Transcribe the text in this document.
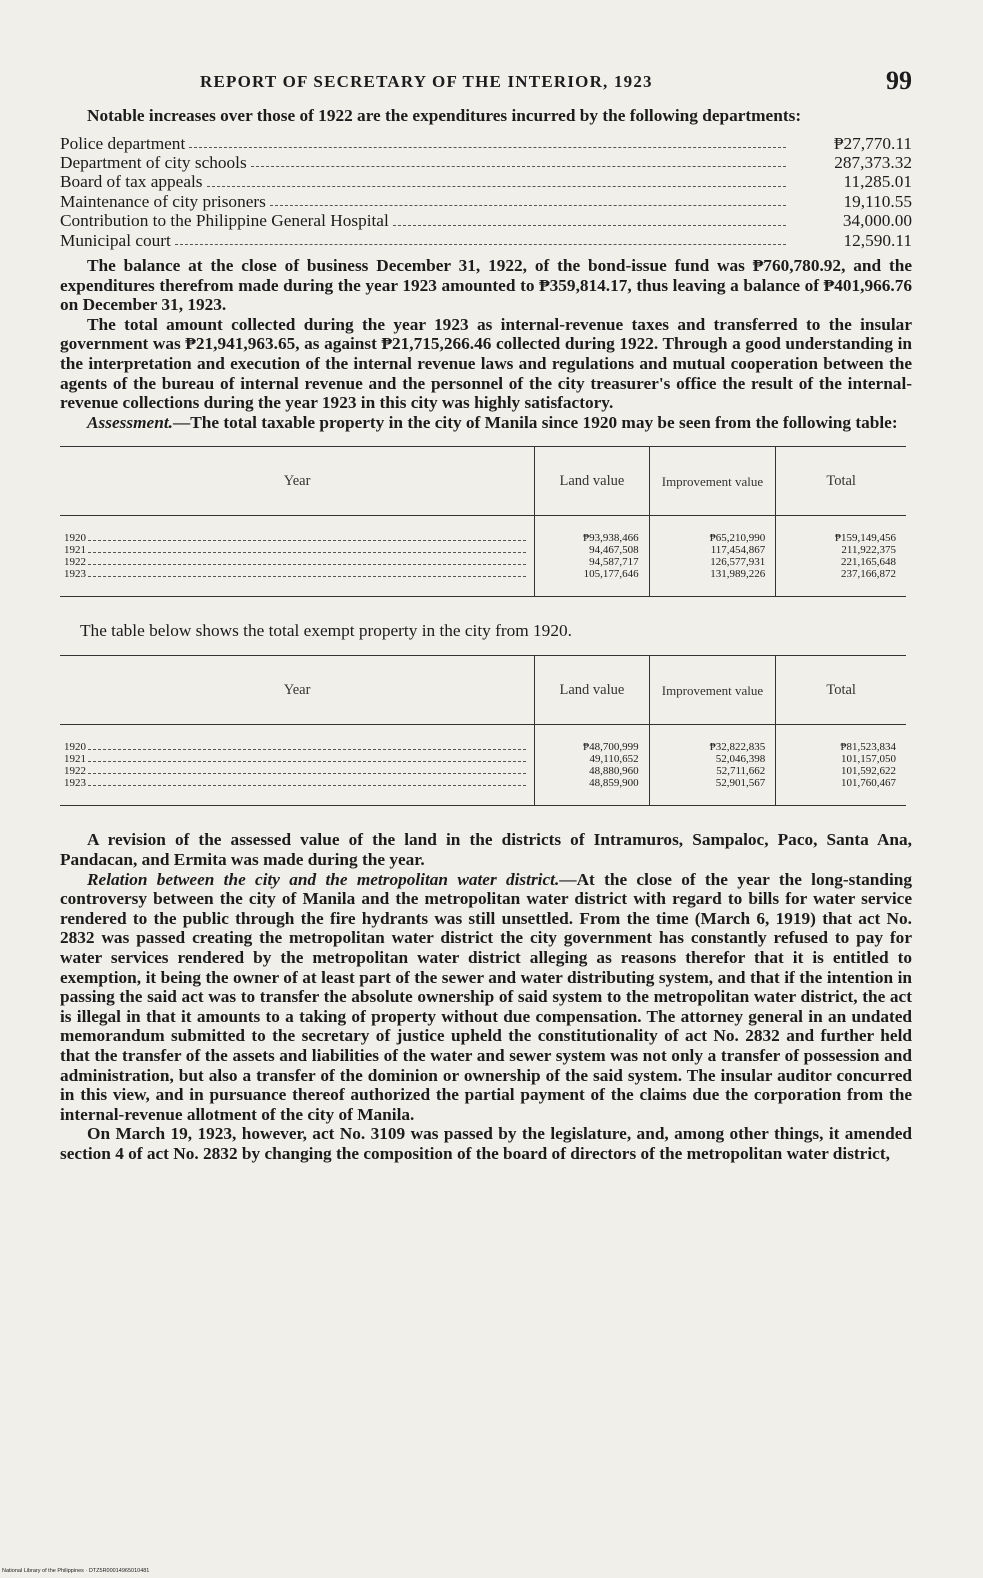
REPORT OF SECRETARY OF THE INTERIOR, 1923	99

Notable increases over those of 1922 are the expenditures incurred by the following departments:

Police department	₱27,770.11
Department of city schools	287,373.32
Board of tax appeals	11,285.01
Maintenance of city prisoners	19,110.55
Contribution to the Philippine General Hospital	34,000.00
Municipal court	12,590.11

The balance at the close of business December 31, 1922, of the bond-issue fund was ₱760,780.92, and the expenditures therefrom made during the year 1923 amounted to ₱359,814.17, thus leaving a balance of ₱401,966.76 on December 31, 1923.

The total amount collected during the year 1923 as internal-revenue taxes and transferred to the insular government was ₱21,941,963.65, as against ₱21,715,266.46 collected during 1922. Through a good understanding in the interpretation and execution of the internal revenue laws and regulations and mutual cooperation between the agents of the bureau of internal revenue and the personnel of the city treasurer's office the result of the internal-revenue collections during the year 1923 in this city was highly satisfactory.

Assessment.—The total taxable property in the city of Manila since 1920 may be seen from the following table:

Year	Land value	Improvement value	Total

1920	₱93,938,466	₱65,210,990	₱159,149,456

1921	94,467,508	117,454,867	211,922,375

1922	94,587,717	126,577,931	221,165,648

1923	105,177,646	131,989,226	237,166,872
The table below shows the total exempt property in the city from 1920.
Year	Land value	Improvement value	Total

1920	₱48,700,999	₱32,822,835	₱81,523,834

1921	49,110,652	52,046,398	101,157,050

1922	48,880,960	52,711,662	101,592,622

1923	48,859,900	52,901,567	101,760,467

A revision of the assessed value of the land in the districts of Intramuros, Sampaloc, Paco, Santa Ana, Pandacan, and Ermita was made during the year.

Relation between the city and the metropolitan water district.—At the close of the year the long-standing controversy between the city of Manila and the metropolitan water district with regard to bills for water service rendered to the public through the fire hydrants was still unsettled. From the time (March 6, 1919) that act No. 2832 was passed creating the metropolitan water district the city government has constantly refused to pay for water services rendered by the metropolitan water district alleging as reasons therefor that it is entitled to exemption, it being the owner of at least part of the sewer and water distributing system, and that if the intention in passing the said act was to transfer the absolute ownership of said system to the metropolitan water district, the act is illegal in that it amounts to a taking of property without due compensation. The attorney general in an undated memorandum submitted to the secretary of justice upheld the constitutionality of act No. 2832 and further held that the transfer of the assets and liabilities of the water and sewer system was not only a transfer of possession and administration, but also a transfer of the dominion or ownership of the said system. The insular auditor concurred in this view, and in pursuance thereof authorized the partial payment of the claims due the corporation from the internal-revenue allotment of the city of Manila.

On March 19, 1923, however, act No. 3109 was passed by the legislature, and, among other things, it amended section 4 of act No. 2832 by changing the composition of the board of directors of the metropolitan water district,

National Library of the Philippines · DTZ5R00014965010481
